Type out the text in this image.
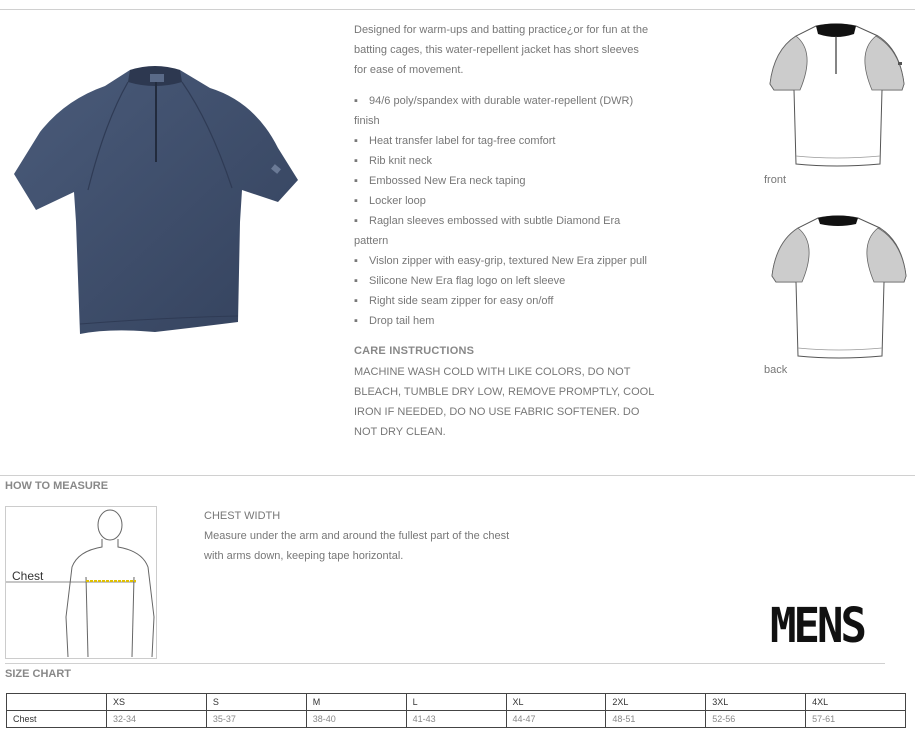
Designed for warm-ups and batting practice¿or for fun at the batting cages, this water-repellent jacket has short sleeves for ease of movement.
▪ 94/6 poly/spandex with durable water-repellent (DWR) finish
▪ Heat transfer label for tag-free comfort
▪ Rib knit neck
▪ Embossed New Era neck taping
▪ Locker loop
▪ Raglan sleeves embossed with subtle Diamond Era pattern
▪ Vislon zipper with easy-grip, textured New Era zipper pull
▪ Silicone New Era flag logo on left sleeve
▪ Right side seam zipper for easy on/off
▪ Drop tail hem
CARE INSTRUCTIONS
MACHINE WASH COLD WITH LIKE COLORS, DO NOT BLEACH, TUMBLE DRY LOW, REMOVE PROMPTLY, COOL IRON IF NEEDED, DO NO USE FABRIC SOFTENER. DO NOT DRY CLEAN.
front
back
HOW TO MEASURE
Chest
CHEST WIDTH
Measure under the arm and around the fullest part of the chest with arms down, keeping tape horizontal.
MENS
SIZE CHART
	XS	S	M	L	XL	2XL	3XL	4XL
Chest	32-34	35-37	38-40	41-43	44-47	48-51	52-56	57-61
